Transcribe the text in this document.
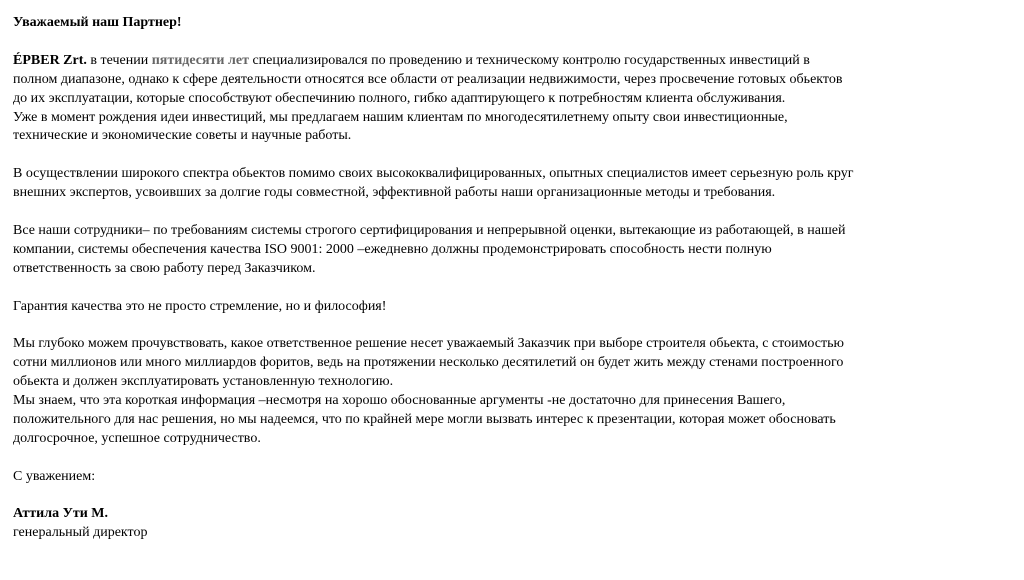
Уважаемый наш Партнер!

ÉPBER Zrt. в течении пятидесяти лет специализировался по проведению и техническому контролю государственных инвестиций в

полном диапазоне, однако к сфере деятельности относятся все области от реализации недвижимости, через просвечение готовых обьектов

до их эксплуатации, которые способствуют обеспечинию полного, гибко адаптирующего к потребностям клиента обслуживания.

Уже в момент рождения идеи инвестиций, мы предлагаем нашим клиентам по многодесятилетнему опыту свои инвестиционные,

технические и экономические советы и научные работы.

В осуществлении широкого спектра обьектов помимо своих высококвалифицированных, опытных специалистов имеет серьезную роль круг

внешних экспертов, усвоивших за долгие годы совместной, эффективной работы наши организационные методы и требования.

Все наши сотрудники– по требованиям системы строгого сертифицирования и непрерывной оценки, вытекающие из работающей, в нашей

компании, системы обеспечения качества ISO 9001: 2000 –ежедневно должны продемонстрировать способность нести полную

ответственность за свою работу перед Заказчиком.

Гарантия качества это не просто стремление, но и философия!

Мы глубоко можем прочувствовать, какое ответственное решение несет уважаемый Заказчик при выборе строителя обьекта, с стоимостью

сотни миллионов или много миллиардов форитов, ведь на протяжении несколько десятилетий он будет жить между стенами построенного

обьекта и должен эксплуатировать установленную технологию.

Мы знаем, что эта короткая информация –несмотря на хорошо обоснованные аргументы -не достаточно для принесения Вашего,

положительного для нас решения, но мы надеемся, что по крайней мере могли вызвать интерес к презентации, которая может обосновать

долгосрочное, успешное сотрудничество.

С уважением:

Аттила Ути М.

генеральный директор
